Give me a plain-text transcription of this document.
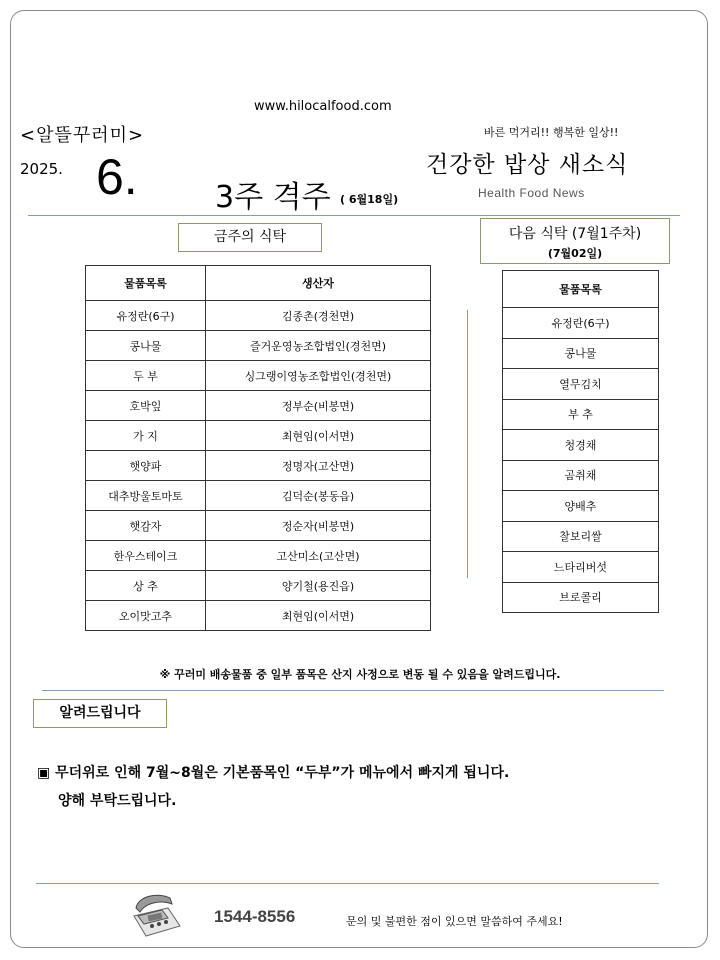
www.hilocalfood.com
<알뜰꾸러미>
2025. 6.	3주 격주 ( 6월18일)
바른 먹거리!! 행복한 일상!!
건강한 밥상 새소식
Health Food News
금주의 식탁	다음 식탁 (7월1주차)
(7월02일)
물품목록	생산자
유정란(6구)	김종촌(경천면)
콩나물	즐거운영농조합법인(경천면)
두 부	싱그랭이영농조합법인(경천면)
호박잎	정부순(비봉면)
가 지	최현임(이서면)
햇양파	정명자(고산면)
대추방울토마토	김덕순(봉동읍)
햇감자	정순자(비봉면)
한우스테이크	고산미소(고산면)
상 추	양기철(용진읍)
오이맛고추	최현임(이서면)
물품목록
유정란(6구)
콩나물
열무김치
부 추
청경채
곰취채
양배추
찰보리쌀
느타리버섯
브로콜리
※ 꾸러미 배송물품 중 일부 품목은 산지 사정으로 변동 될 수 있음을 알려드립니다.
알려드립니다
▣ 무더위로 인해 7월~8월은 기본품목인 “두부”가 메뉴에서 빠지게 됩니다.
양해 부탁드립니다.
1544-8556	문의 및 불편한 점이 있으면 말씀하여 주세요!
